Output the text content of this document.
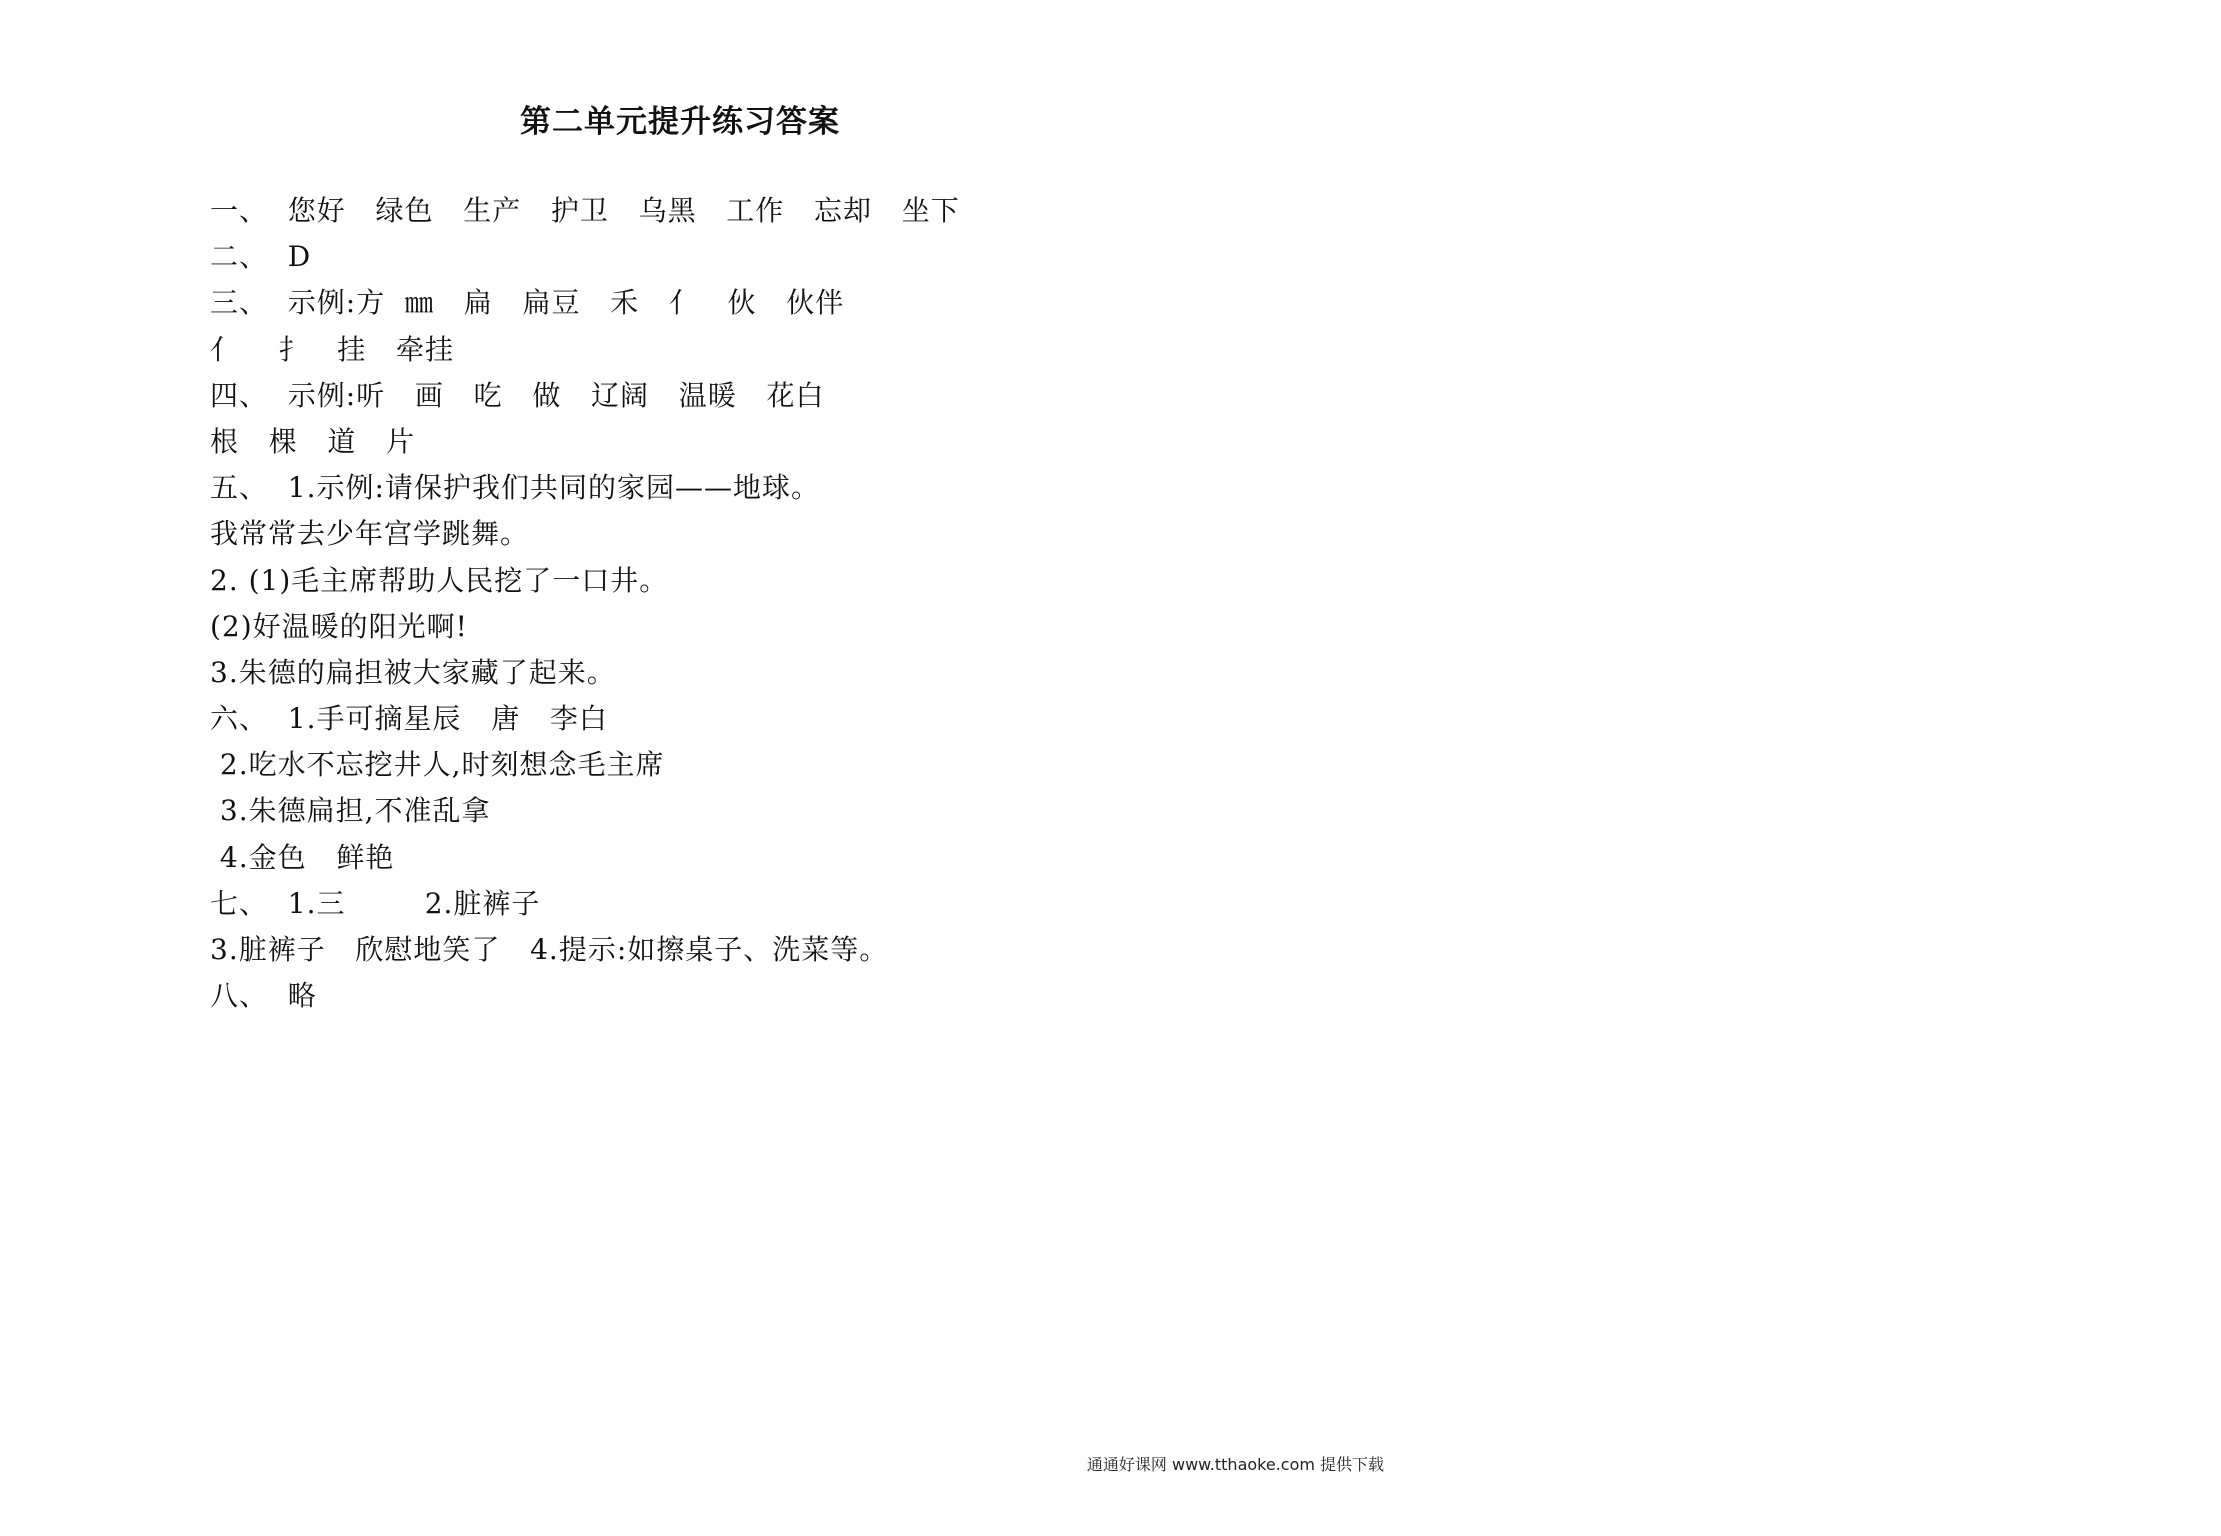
第二单元提升练习答案
一、  您好   绿色   生产   护卫   乌黑   工作   忘却   坐下
二、  D
三、  示例:方  ㎜   扁   扁豆   禾   亻   伙   伙伴
亻    扌   挂   牵挂
四、  示例:听   画   吃   做   辽阔   温暖   花白
根   棵   道   片
五、  1.示例:请保护我们共同的家园——地球。
我常常去少年宫学跳舞。
2. (1)毛主席帮助人民挖了一口井。
(2)好温暖的阳光啊!
3.朱德的扁担被大家藏了起来。
六、  1.手可摘星辰   唐   李白
2.吃水不忘挖井人,时刻想念毛主席
3.朱德扁担,不准乱拿
4.金色   鲜艳
七、  1.三        2.脏裤子
3.脏裤子   欣慰地笑了   4.提示:如擦桌子、洗菜等。
八、  略
通通好课网 www.tthaoke.com 提供下载
